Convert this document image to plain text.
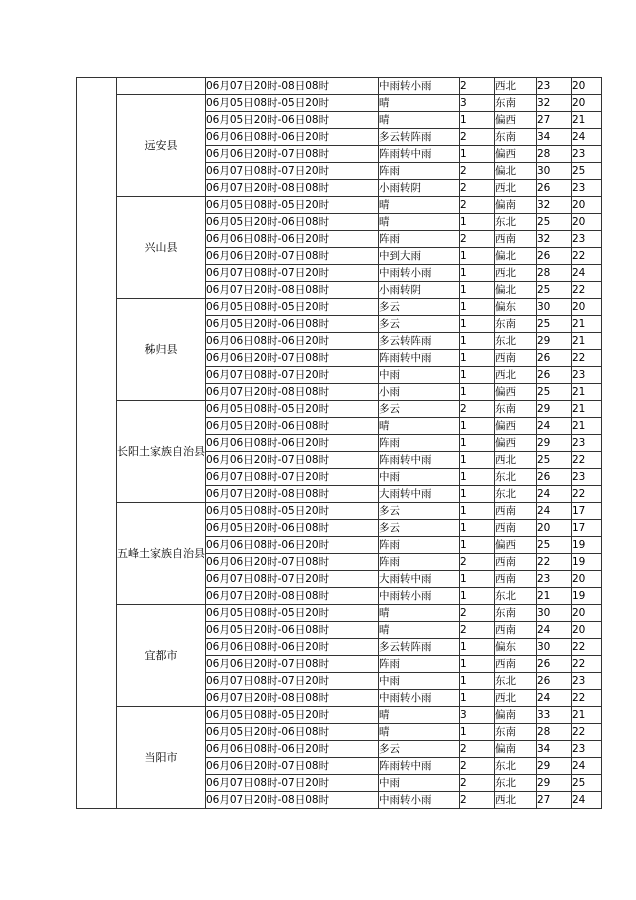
		06月07日20时-08日08时	中雨转小雨	2	西北	23	20
	远安县	06月05日08时-05日20时	晴	3	东南	32	20
		06月05日20时-06日08时	晴	1	偏西	27	21
		06月06日08时-06日20时	多云转阵雨	2	东南	34	24
		06月06日20时-07日08时	阵雨转中雨	1	偏西	28	23
		06月07日08时-07日20时	阵雨	2	偏北	30	25
		06月07日20时-08日08时	小雨转阴	2	西北	26	23
	兴山县	06月05日08时-05日20时	晴	2	偏南	32	20
		06月05日20时-06日08时	晴	1	东北	25	20
		06月06日08时-06日20时	阵雨	2	西南	32	23
		06月06日20时-07日08时	中到大雨	1	偏北	26	22
		06月07日08时-07日20时	中雨转小雨	1	西北	28	24
		06月07日20时-08日08时	小雨转阴	1	偏北	25	22
	秭归县	06月05日08时-05日20时	多云	1	偏东	30	20
		06月05日20时-06日08时	多云	1	东南	25	21
		06月06日08时-06日20时	多云转阵雨	1	东北	29	21
		06月06日20时-07日08时	阵雨转中雨	1	西南	26	22
		06月07日08时-07日20时	中雨	1	西北	26	23
		06月07日20时-08日08时	小雨	1	偏西	25	21
	长阳土家族自治县	06月05日08时-05日20时	多云	2	东南	29	21
		06月05日20时-06日08时	晴	1	偏西	24	21
		06月06日08时-06日20时	阵雨	1	偏西	29	23
		06月06日20时-07日08时	阵雨转中雨	1	西北	25	22
		06月07日08时-07日20时	中雨	1	东北	26	23
		06月07日20时-08日08时	大雨转中雨	1	东北	24	22
	五峰土家族自治县	06月05日08时-05日20时	多云	1	西南	24	17
		06月05日20时-06日08时	多云	1	西南	20	17
		06月06日08时-06日20时	阵雨	1	偏西	25	19
		06月06日20时-07日08时	阵雨	2	西南	22	19
		06月07日08时-07日20时	大雨转中雨	1	西南	23	20
		06月07日20时-08日08时	中雨转小雨	1	东北	21	19
	宜都市	06月05日08时-05日20时	晴	2	东南	30	20
		06月05日20时-06日08时	晴	2	西南	24	20
		06月06日08时-06日20时	多云转阵雨	1	偏东	30	22
		06月06日20时-07日08时	阵雨	1	西南	26	22
		06月07日08时-07日20时	中雨	1	东北	26	23
		06月07日20时-08日08时	中雨转小雨	1	西北	24	22
	当阳市	06月05日08时-05日20时	晴	3	偏南	33	21
		06月05日20时-06日08时	晴	1	东南	28	22
		06月06日08时-06日20时	多云	2	偏南	34	23
		06月06日20时-07日08时	阵雨转中雨	2	东北	29	24
		06月07日08时-07日20时	中雨	2	东北	29	25
		06月07日20时-08日08时	中雨转小雨	2	西北	27	24
